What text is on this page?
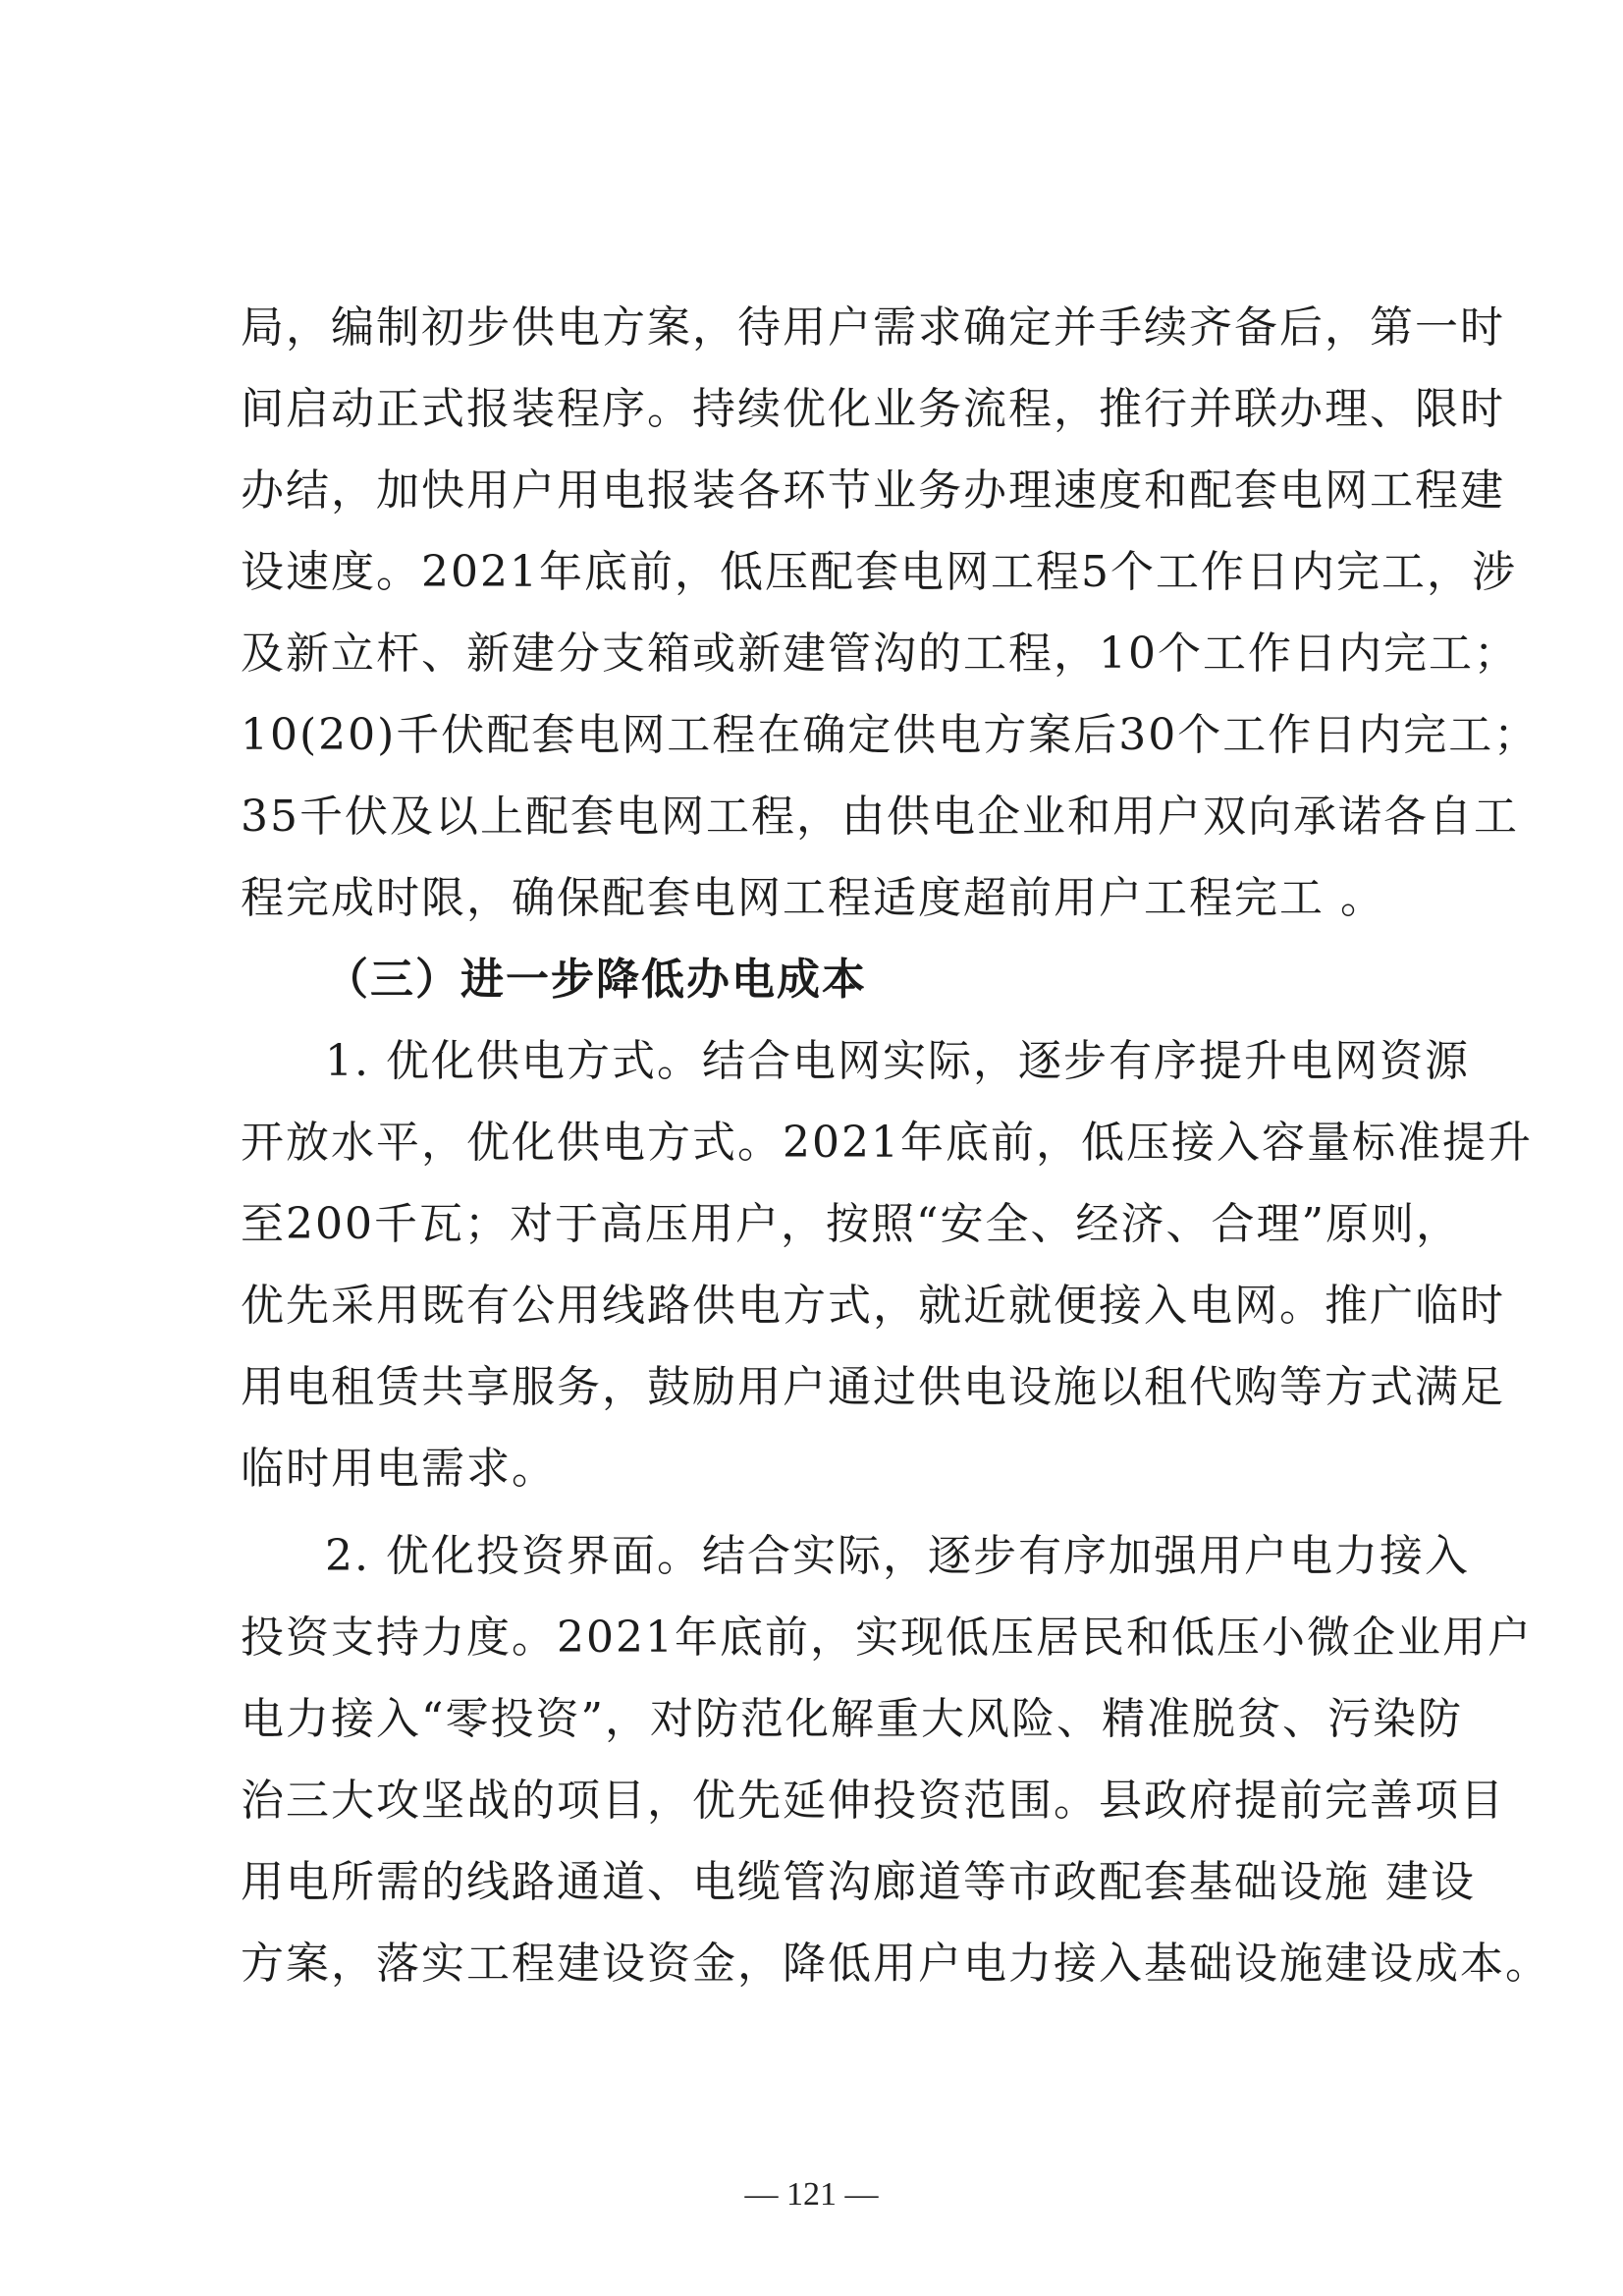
局，编制初步供电方案，待用户需求确定并手续齐备后，第一时
间启动正式报装程序。持续优化业务流程，推行并联办理、限时
办结，加快用户用电报装各环节业务办理速度和配套电网工程建
设速度。2021年底前，低压配套电网工程5个工作日内完工，涉
及新立杆、新建分支箱或新建管沟的工程，10个工作日内完工；
10(20)千伏配套电网工程在确定供电方案后30个工作日内完工；
35千伏及以上配套电网工程，由供电企业和用户双向承诺各自工
程完成时限，确保配套电网工程适度超前用户工程完工 。
（三）进一步降低办电成本
1. 优化供电方式。结合电网实际，逐步有序提升电网资源
开放水平，优化供电方式。2021年底前，低压接入容量标准提升
至200千瓦；对于高压用户，按照“安全、经济、合理”原则，
优先采用既有公用线路供电方式，就近就便接入电网。推广临时
用电租赁共享服务，鼓励用户通过供电设施以租代购等方式满足
临时用电需求。
2. 优化投资界面。结合实际，逐步有序加强用户电力接入
投资支持力度。2021年底前，实现低压居民和低压小微企业用户
电力接入“零投资”，对防范化解重大风险、精准脱贫、污染防
治三大攻坚战的项目，优先延伸投资范围。县政府提前完善项目
用电所需的线路通道、电缆管沟廊道等市政配套基础设施 建设
方案，落实工程建设资金，降低用户电力接入基础设施建设成本。
— 121 —
